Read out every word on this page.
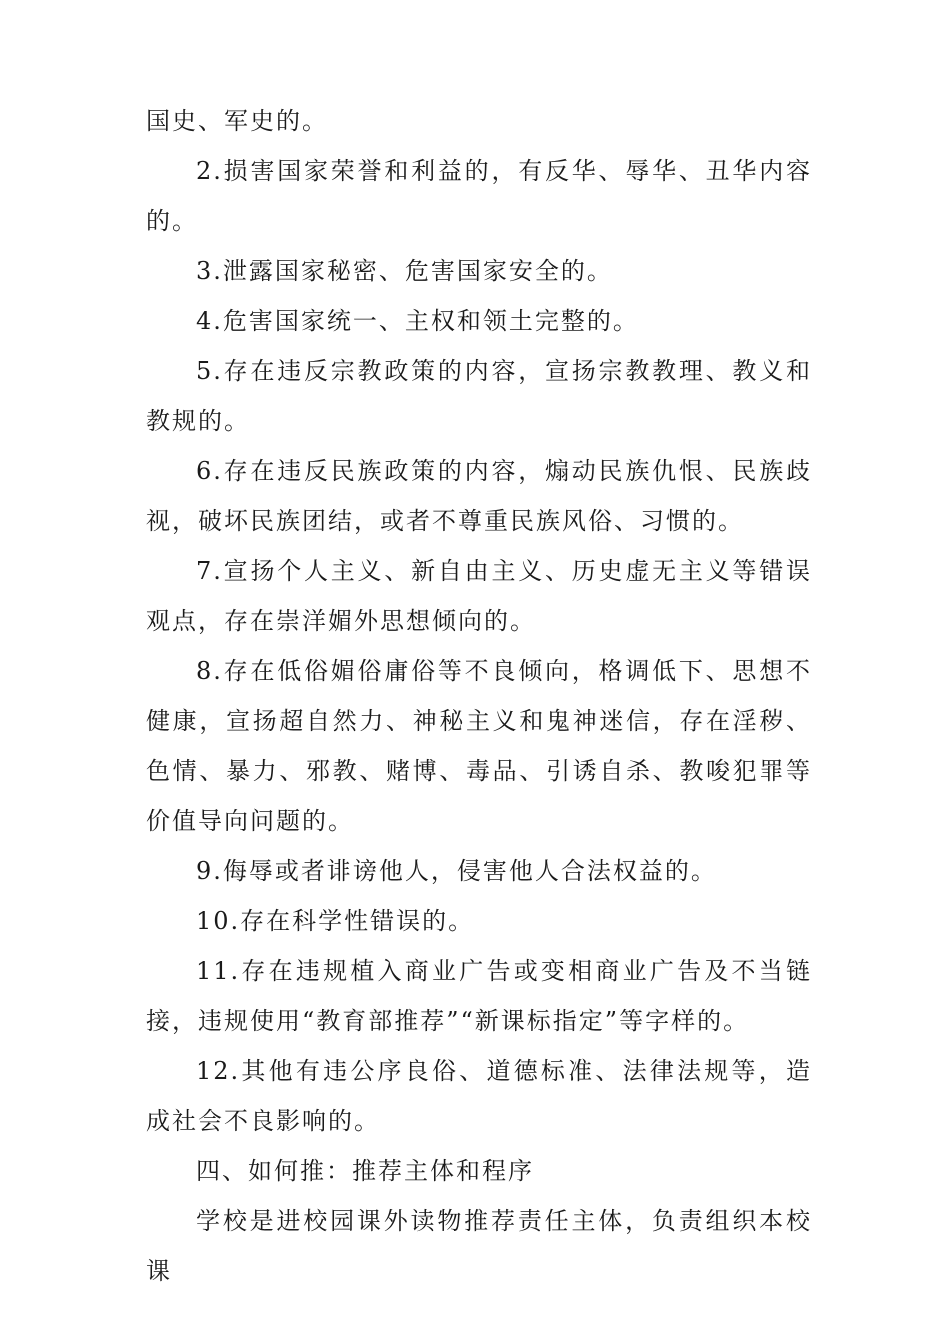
国史、军史的。

2.损害国家荣誉和利益的，有反华、辱华、丑华内容的。

3.泄露国家秘密、危害国家安全的。

4.危害国家统一、主权和领土完整的。

5.存在违反宗教政策的内容，宣扬宗教教理、教义和教规的。

6.存在违反民族政策的内容，煽动民族仇恨、民族歧视，破坏民族团结，或者不尊重民族风俗、习惯的。

7.宣扬个人主义、新自由主义、历史虚无主义等错误观点，存在崇洋媚外思想倾向的。

8.存在低俗媚俗庸俗等不良倾向，格调低下、思想不健康，宣扬超自然力、神秘主义和鬼神迷信，存在淫秽、色情、暴力、邪教、赌博、毒品、引诱自杀、教唆犯罪等价值导向问题的。

9.侮辱或者诽谤他人，侵害他人合法权益的。

10.存在科学性错误的。

11.存在违规植入商业广告或变相商业广告及不当链接，违规使用“教育部推荐”“新课标指定”等字样的。

12.其他有违公序良俗、道德标准、法律法规等，造成社会不良影响的。

四、如何推：推荐主体和程序

学校是进校园课外读物推荐责任主体，负责组织本校课
